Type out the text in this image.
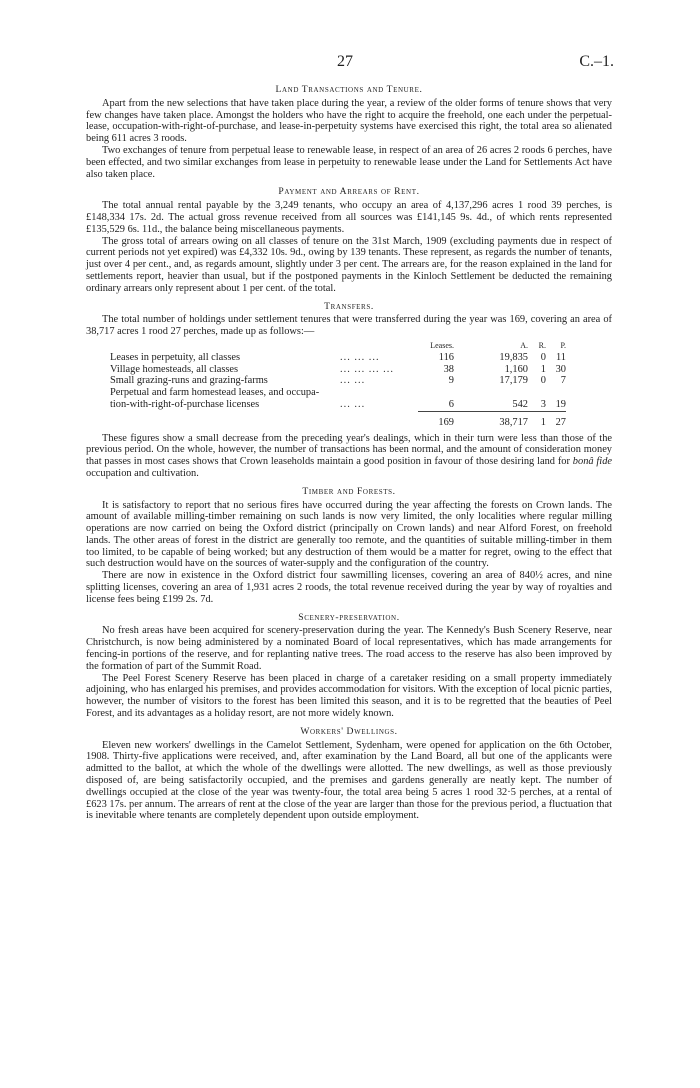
27	C.–1.
Land Transactions and Tenure.

Apart from the new selections that have taken place during the year, a review of the older forms of tenure shows that very few changes have taken place. Amongst the holders who have the right to acquire the freehold, one each under the perpetual-lease, occupation-with-right-of-purchase, and lease-in-perpetuity systems have exercised this right, the total area so alienated being 611 acres 3 roods.

Two exchanges of tenure from perpetual lease to renewable lease, in respect of an area of 26 acres 2 roods 6 perches, have been effected, and two similar exchanges from lease in perpetuity to renewable lease under the Land for Settlements Act have also taken place.

Payment and Arrears of Rent.

The total annual rental payable by the 3,249 tenants, who occupy an area of 4,137,296 acres 1 rood 39 perches, is £148,334 17s. 2d. The actual gross revenue received from all sources was £141,145 9s. 4d., of which rents represented £135,529 6s. 11d., the balance being miscellaneous payments.

The gross total of arrears owing on all classes of tenure on the 31st March, 1909 (excluding payments due in respect of current periods not yet expired) was £4,332 10s. 9d., owing by 139 tenants. These represent, as regards the number of tenants, just over 4 per cent., and, as regards amount, slightly under 3 per cent. The arrears are, for the reason explained in the land for settlements report, heavier than usual, but if the postponed payments in the Kinloch Settlement be deducted the remaining ordinary arrears only represent about 1 per cent. of the total.

Transfers.

The total number of holdings under settlement tenures that were transferred during the year was 169, covering an area of 38,717 acres 1 rood 27 perches, made up as follows:—

		Leases.	A.	R.	P.
Leases in perpetuity, all classes	... ... ...	116	19,835	0	11
Village homesteads, all classes	... ... ... ...	38	1,160	1	30
Small grazing-runs and grazing-farms	... ...	9	17,179	0	7
Perpetual and farm homestead leases, and occupa-					
tion-with-right-of-purchase licenses	... ...	6	542	3	19
		169	38,717	1	27

These figures show a small decrease from the preceding year's dealings, which in their turn were less than those of the previous period. On the whole, however, the number of transactions has been normal, and the amount of consideration money that passes in most cases shows that Crown leaseholds maintain a good position in favour of those desiring land for bonâ fide occupation and cultivation.

Timber and Forests.

It is satisfactory to report that no serious fires have occurred during the year affecting the forests on Crown lands. The amount of available milling-timber remaining on such lands is now very limited, the only localities where regular milling operations are now carried on being the Oxford district (principally on Crown lands) and near Alford Forest, on freehold lands. The other areas of forest in the district are generally too remote, and the quantities of suitable milling-timber in them too limited, to be capable of being worked; but any destruction of them would be a matter for regret, owing to the effect that such destruction would have on the sources of water-supply and the configuration of the country.

There are now in existence in the Oxford district four sawmilling licenses, covering an area of 840½ acres, and nine splitting licenses, covering an area of 1,931 acres 2 roods, the total revenue received during the year by way of royalties and license fees being £199 2s. 7d.

Scenery-preservation.

No fresh areas have been acquired for scenery-preservation during the year. The Kennedy's Bush Scenery Reserve, near Christchurch, is now being administered by a nominated Board of local representatives, which has made arrangements for fencing-in portions of the reserve, and for replanting native trees. The road access to the reserve has also been improved by the formation of part of the Summit Road.

The Peel Forest Scenery Reserve has been placed in charge of a caretaker residing on a small property immediately adjoining, who has enlarged his premises, and provides accommodation for visitors. With the exception of local picnic parties, however, the number of visitors to the forest has been limited this season, and it is to be regretted that the beauties of Peel Forest, and its advantages as a holiday resort, are not more widely known.

Workers' Dwellings.

Eleven new workers' dwellings in the Camelot Settlement, Sydenham, were opened for application on the 6th October, 1908. Thirty-five applications were received, and, after examination by the Land Board, all but one of the applicants were admitted to the ballot, at which the whole of the dwellings were allotted. The new dwellings, as well as those previously disposed of, are being satisfactorily occupied, and the premises and gardens generally are neatly kept. The number of dwellings occupied at the close of the year was twenty-four, the total area being 5 acres 1 rood 32·5 perches, at a rental of £623 17s. per annum. The arrears of rent at the close of the year are larger than those for the previous period, a fluctuation that is inevitable where tenants are completely dependent upon outside employment.
